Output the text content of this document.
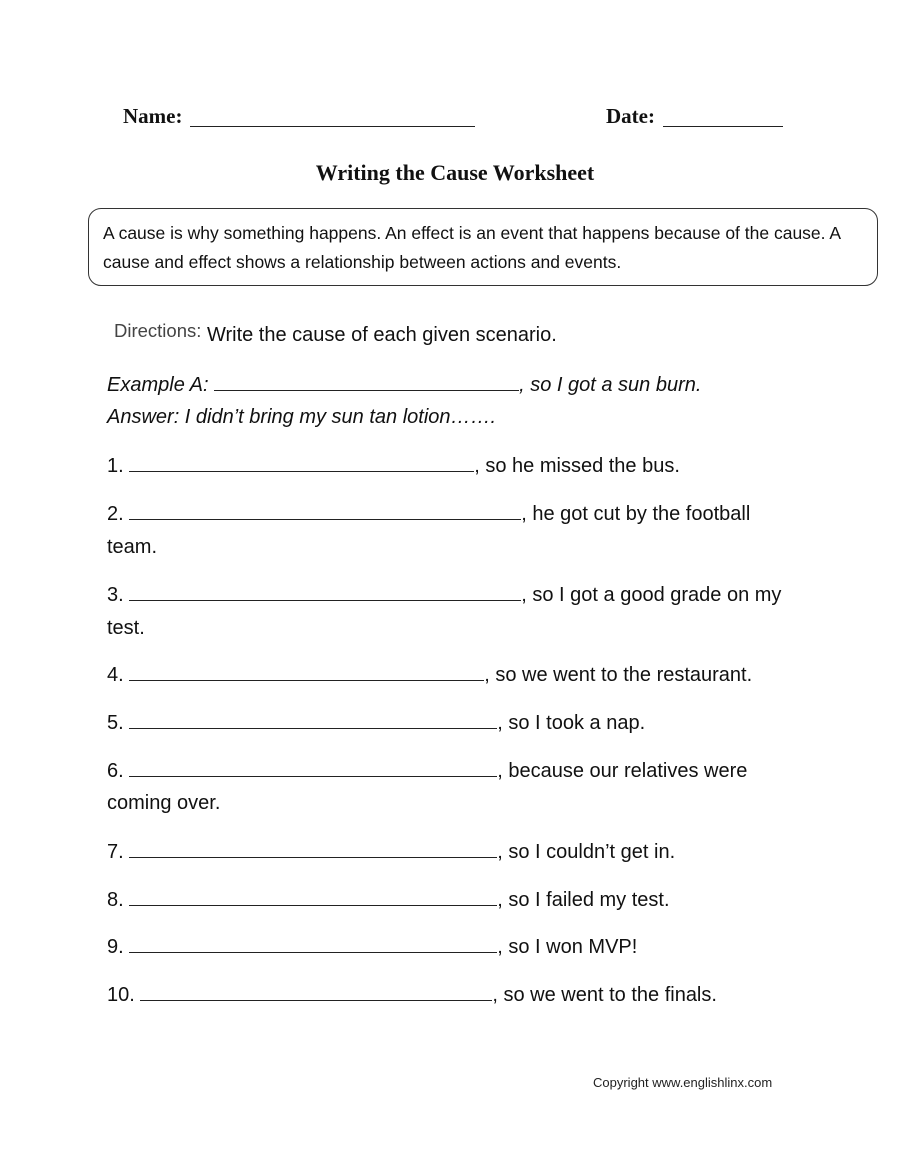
Name:	Date:
Writing the Cause Worksheet
A cause is why something happens. An effect is an event that happens because of the cause. A cause and effect shows a relationship between actions and events.
Directions: Write the cause of each given scenario.
Example A:	, so I got a sun burn.
Answer: I didn’t bring my sun tan lotion…….
1.	, so he missed the bus.
2.	, he got cut by the football
team.
3.	, so I got a good grade on my
test.
4.	, so we went to the restaurant.
5.	, so I took a nap.
6.	, because our relatives were
coming over.
7.	, so I couldn’t get in.
8.	, so I failed my test.
9.	, so I won MVP!
10.	, so we went to the finals.
Copyright www.englishlinx.com
